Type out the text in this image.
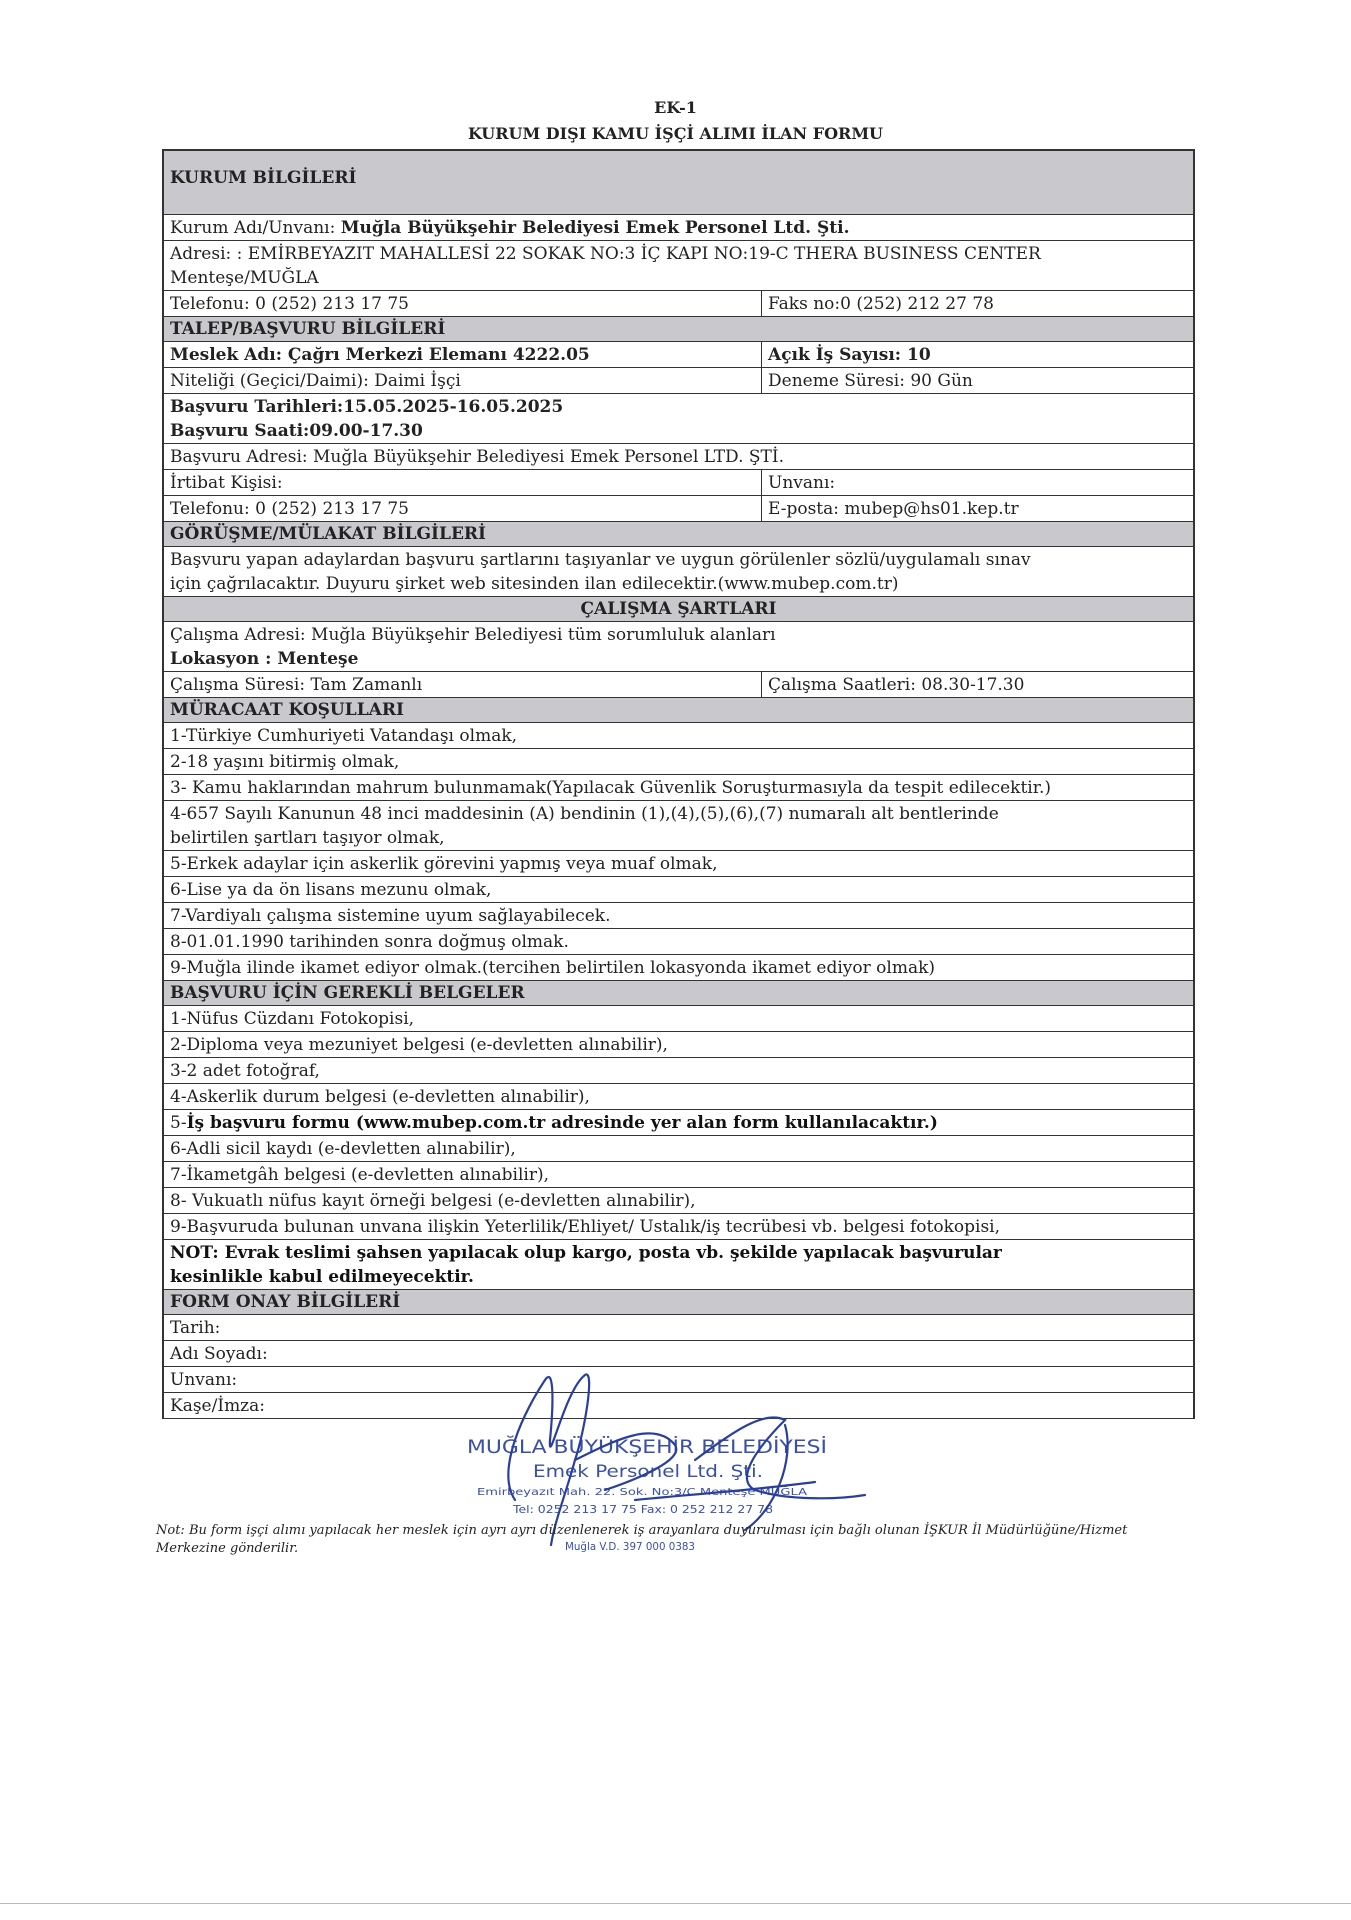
EK-1
KURUM DIŞI KAMU İŞÇİ ALIMI İLAN FORMU
KURUM BİLGİLERİ
Kurum Adı/Unvanı: Muğla Büyükşehir Belediyesi Emek Personel Ltd. Şti.
Adresi: : EMİRBEYAZIT MAHALLESİ 22 SOKAK NO:3 İÇ KAPI NO:19-C THERA BUSINESS CENTER
Menteşe/MUĞLA
Telefonu: 0 (252) 213 17 75	Faks no:0 (252) 212 27 78
TALEP/BAŞVURU BİLGİLERİ
Meslek Adı: Çağrı Merkezi Elemanı 4222.05	Açık İş Sayısı: 10
Niteliği (Geçici/Daimi): Daimi İşçi	Deneme Süresi: 90 Gün
Başvuru Tarihleri:15.05.2025-16.05.2025
Başvuru Saati:09.00-17.30
Başvuru Adresi: Muğla Büyükşehir Belediyesi Emek Personel LTD. ŞTİ.
İrtibat Kişisi:	Unvanı:
Telefonu: 0 (252) 213 17 75	E-posta: mubep@hs01.kep.tr
GÖRÜŞME/MÜLAKAT BİLGİLERİ
Başvuru yapan adaylardan başvuru şartlarını taşıyanlar ve uygun görülenler sözlü/uygulamalı sınav
için çağrılacaktır. Duyuru şirket web sitesinden ilan edilecektir.(www.mubep.com.tr)
ÇALIŞMA ŞARTLARI
Çalışma Adresi: Muğla Büyükşehir Belediyesi tüm sorumluluk alanları
Lokasyon : Menteşe
Çalışma Süresi: Tam Zamanlı	Çalışma Saatleri: 08.30-17.30
MÜRACAAT KOŞULLARI
1-Türkiye Cumhuriyeti Vatandaşı olmak,
2-18 yaşını bitirmiş olmak,
3- Kamu haklarından mahrum bulunmamak(Yapılacak Güvenlik Soruşturmasıyla da tespit edilecektir.)
4-657 Sayılı Kanunun 48 inci maddesinin (A) bendinin (1),(4),(5),(6),(7) numaralı alt bentlerinde
belirtilen şartları taşıyor olmak,
5-Erkek adaylar için askerlik görevini yapmış veya muaf olmak,
6-Lise ya da ön lisans mezunu olmak,
7-Vardiyalı çalışma sistemine uyum sağlayabilecek.
8-01.01.1990 tarihinden sonra doğmuş olmak.
9-Muğla ilinde ikamet ediyor olmak.(tercihen belirtilen lokasyonda ikamet ediyor olmak)
BAŞVURU İÇİN GEREKLİ BELGELER
1-Nüfus Cüzdanı Fotokopisi,
2-Diploma veya mezuniyet belgesi (e-devletten alınabilir),
3-2 adet fotoğraf,
4-Askerlik durum belgesi (e-devletten alınabilir),
5-İş başvuru formu (www.mubep.com.tr adresinde yer alan form kullanılacaktır.)
6-Adli sicil kaydı (e-devletten alınabilir),
7-İkametgâh belgesi (e-devletten alınabilir),
8- Vukuatlı nüfus kayıt örneği belgesi (e-devletten alınabilir),
9-Başvuruda bulunan unvana ilişkin Yeterlilik/Ehliyet/ Ustalık/iş tecrübesi vb. belgesi fotokopisi,
NOT: Evrak teslimi şahsen yapılacak olup kargo, posta vb. şekilde yapılacak başvurular
kesinlikle kabul edilmeyecektir.
FORM ONAY BİLGİLERİ
Tarih:
Adı Soyadı:
Unvanı:
Kaşe/İmza:
MUĞLA BÜYÜKŞEHİR BELEDİYESİ
Emek Personel Ltd. Şti.
Emirbeyazıt Mah. 22. Sok. No:3/C Menteşe MUĞLA
Tel: 0252 213 17 75 Fax: 0 252 212 27 78
Muğla V.D. 397 000 0383
Not: Bu form işçi alımı yapılacak her meslek için ayrı ayrı düzenlenerek iş arayanlara duyurulması için bağlı olunan İŞKUR İl Müdürlüğüne/Hizmet Merkezine gönderilir.
